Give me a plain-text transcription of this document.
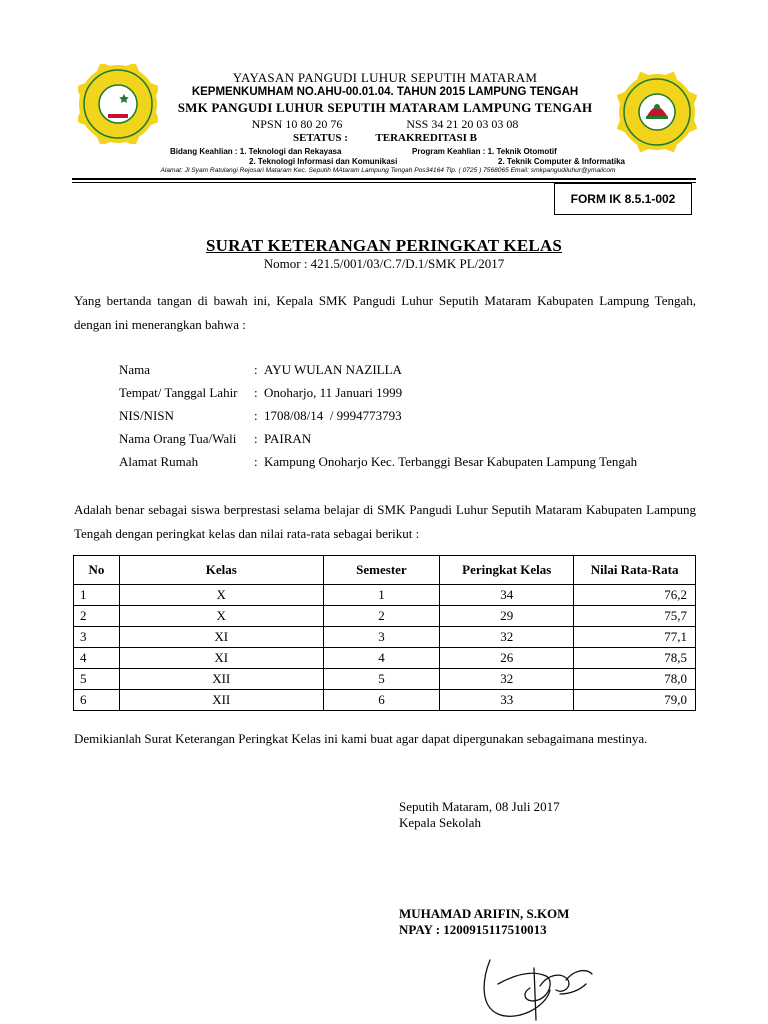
YAYASAN PANGUDI LUHUR SEPUTIH MATARAM
KEPMENKUMHAM NO.AHU-00.01.04. TAHUN 2015 LAMPUNG TENGAH
SMK PANGUDI LUHUR SEPUTIH MATARAM LAMPUNG TENGAH
NPSN 10 80 20 76	NSS 34 21 20 03 03 08
SETATUS :	TERAKREDITASI B
Bidang Keahlian : 1. Teknologi dan Rekayasa
2. Teknologi Informasi dan Komunikasi
Program Keahlian : 1. Teknik Otomotif
2. Teknik Computer & Informatika
Alamat: Jl Syam Ratulangi Rejosari Mataram Kec. Seputih MAtaram Lampung Tengah Pos34164 Tlp. ( 0725 ) 7568065 Email: smkpangudiluhur@ymailcom
FORM IK 8.5.1-002
SURAT KETERANGAN PERINGKAT KELAS
Nomor : 421.5/001/03/C.7/D.1/SMK PL/2017
Yang bertanda tangan di bawah ini, Kepala SMK Pangudi Luhur Seputih Mataram Kabupaten Lampung Tengah, dengan ini menerangkan bahwa :
Nama	: AYU WULAN NAZILLA
Tempat/ Tanggal Lahir : Onoharjo, 11 Januari 1999
NIS/NISN	: 1708/08/14  / 9994773793
Nama Orang Tua/Wali : PAIRAN
Alamat Rumah	: Kampung Onoharjo Kec. Terbanggi Besar Kabupaten Lampung Tengah
Adalah benar sebagai siswa berprestasi selama belajar di SMK Pangudi Luhur Seputih Mataram Kabupaten Lampung Tengah dengan peringkat kelas dan nilai rata-rata sebagai berikut :
No	Kelas	Semester	Peringkat Kelas	Nilai Rata-Rata
1	X	1	34	76,2
2	X	2	29	75,7
3	XI	3	32	77,1
4	XI	4	26	78,5
5	XII	5	32	78,0
6	XII	6	33	79,0
Demikianlah Surat Keterangan Peringkat Kelas ini kami buat agar dapat dipergunakan sebagaimana mestinya.
Seputih Mataram, 08 Juli 2017
Kepala Sekolah
MUHAMAD ARIFIN, S.KOM
NPAY : 1200915117510013
